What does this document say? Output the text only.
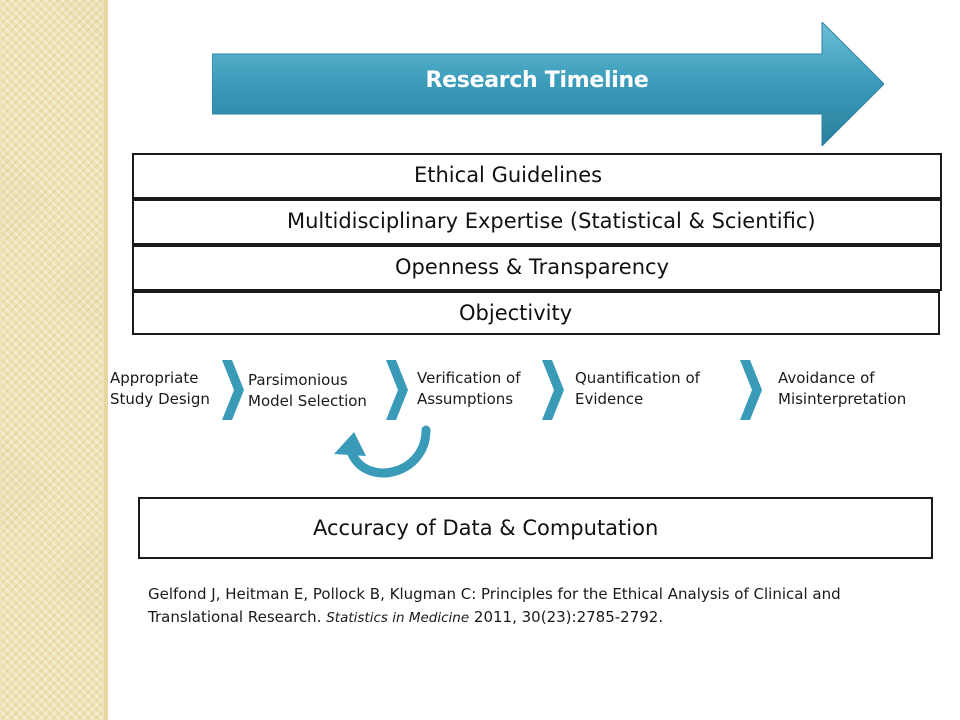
Research Timeline
Ethical Guidelines
Multidisciplinary Expertise (Statistical & Scientific)
Openness & Transparency
Objectivity
Appropriate
Study Design
Parsimonious
Model Selection
Verification of
Assumptions
Quantification of
Evidence
Avoidance of
Misinterpretation
Accuracy of Data & Computation
Gelfond J, Heitman E, Pollock B, Klugman C: Principles for the Ethical Analysis of Clinical and Translational Research. Statistics in Medicine 2011, 30(23):2785-2792.
